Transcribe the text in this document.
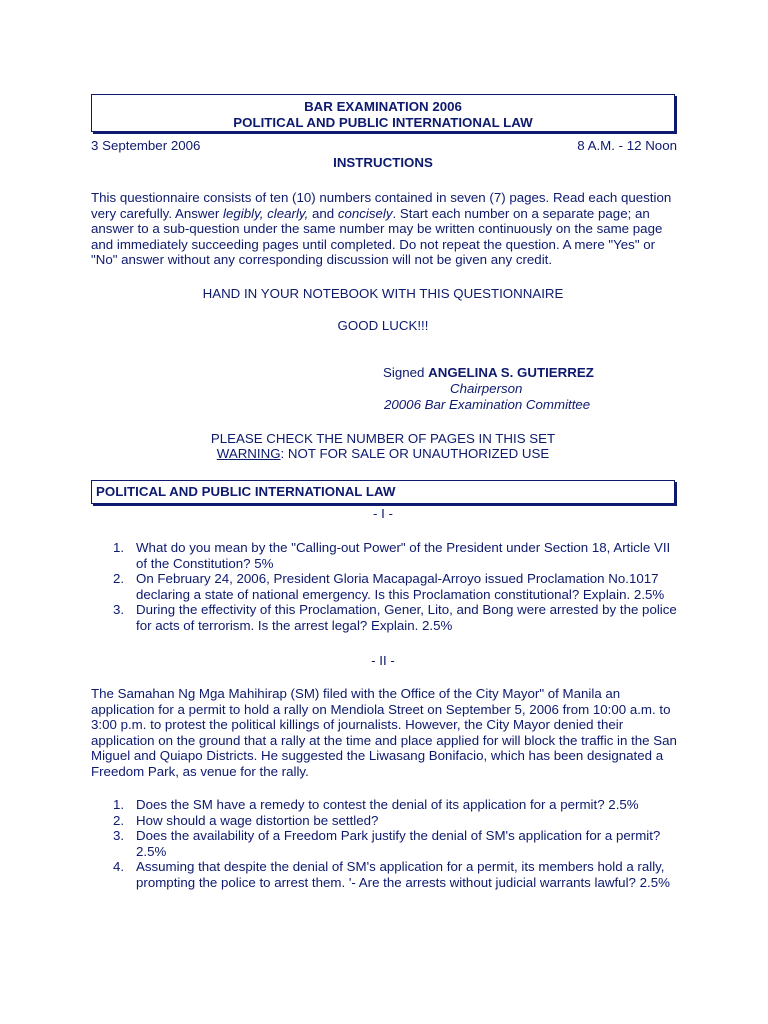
BAR EXAMINATION 2006
POLITICAL AND PUBLIC INTERNATIONAL LAW
3 September 2006	8 A.M. - 12 Noon
INSTRUCTIONS
This questionnaire consists of ten (10) numbers contained in seven (7) pages. Read each question very carefully. Answer legibly, clearly, and concisely. Start each number on a separate page; an answer to a sub-question under the same number may be written continuously on the same page and immediately succeeding pages until completed. Do not repeat the question. A mere "Yes" or "No" answer without any corresponding discussion will not be given any credit.
HAND IN YOUR NOTEBOOK WITH THIS QUESTIONNAIRE
GOOD LUCK!!!
Signed ANGELINA S. GUTIERREZ
Chairperson
20006 Bar Examination Committee
PLEASE CHECK THE NUMBER OF PAGES IN THIS SET
WARNING: NOT FOR SALE OR UNAUTHORIZED USE
POLITICAL AND PUBLIC INTERNATIONAL LAW
- I -
1. What do you mean by the "Calling-out Power" of the President under Section 18, Article VII of the Constitution? 5%
2. On February 24, 2006, President Gloria Macapagal-Arroyo issued Proclamation No.1017 declaring a state of national emergency. Is this Proclamation constitutional? Explain. 2.5%
3. During the effectivity of this Proclamation, Gener, Lito, and Bong were arrested by the police for acts of terrorism. Is the arrest legal? Explain. 2.5%
- II -
The Samahan Ng Mga Mahihirap (SM) filed with the Office of the City Mayor" of Manila an application for a permit to hold a rally on Mendiola Street on September 5, 2006 from 10:00 a.m. to 3:00 p.m. to protest the political killings of journalists. However, the City Mayor denied their application on the ground that a rally at the time and place applied for will block the traffic in the San Miguel and Quiapo Districts. He suggested the Liwasang Bonifacio, which has been designated a Freedom Park, as venue for the rally.
1. Does the SM have a remedy to contest the denial of its application for a permit? 2.5%
2. How should a wage distortion be settled?
3. Does the availability of a Freedom Park justify the denial of SM's application for a permit? 2.5%
4. Assuming that despite the denial of SM's application for a permit, its members hold a rally, prompting the police to arrest them. '- Are the arrests without judicial warrants lawful? 2.5%
